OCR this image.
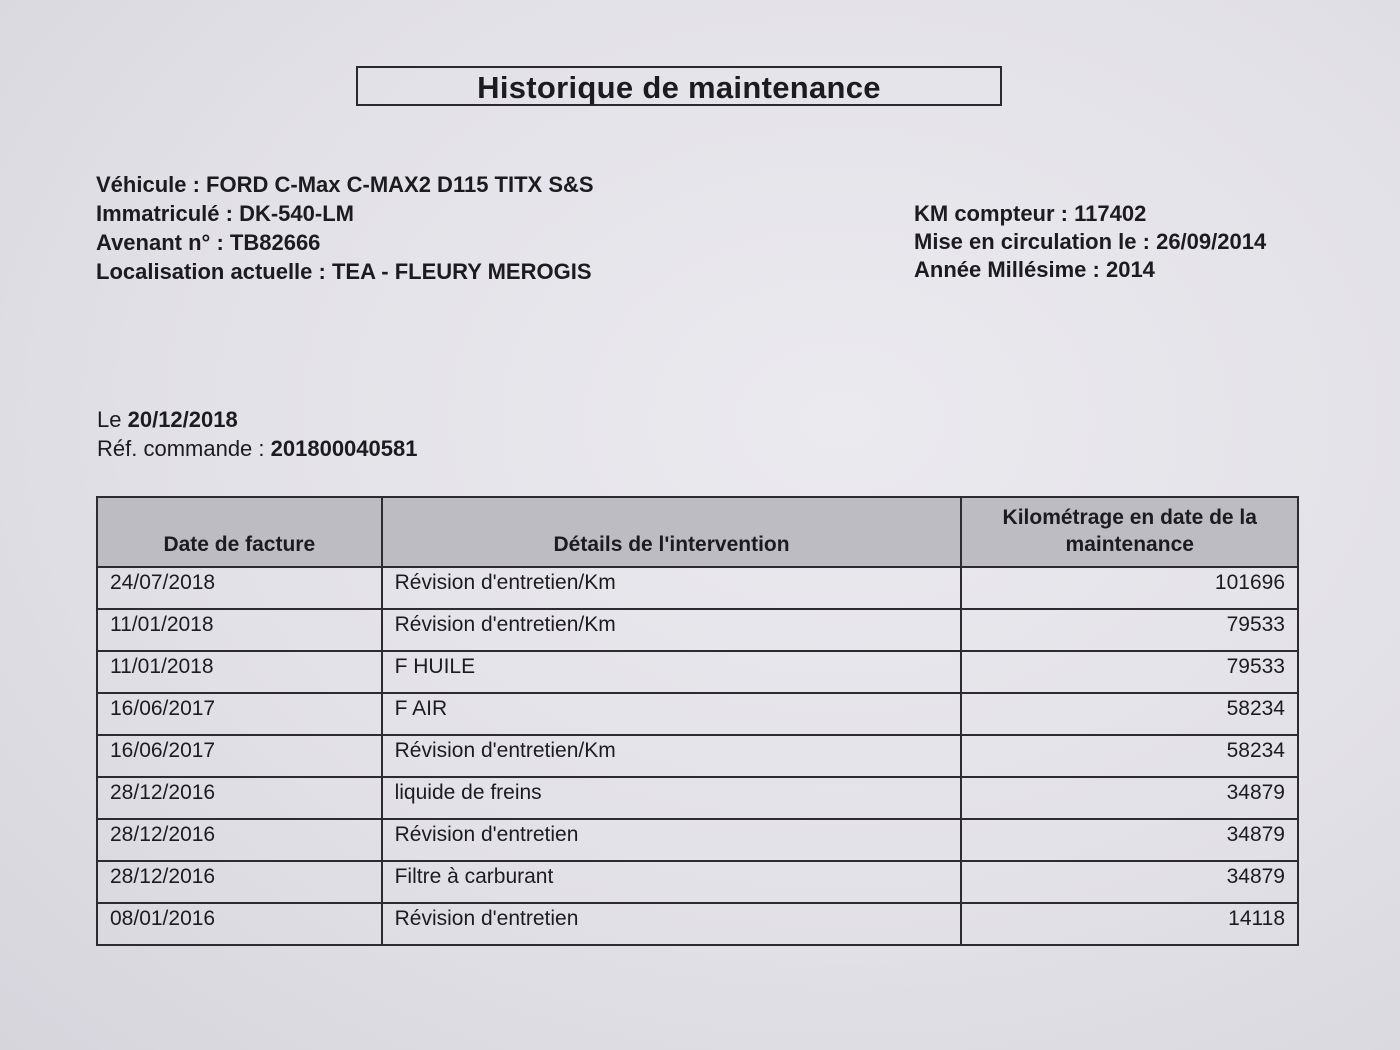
Historique de maintenance
Véhicule : FORD C-Max C-MAX2 D115 TITX S&S
Immatriculé : DK-540-LM
Avenant n° : TB82666
Localisation actuelle : TEA - FLEURY MEROGIS
KM compteur : 117402
Mise en circulation le : 26/09/2014
Année Millésime : 2014
Le 20/12/2018
Réf. commande : 201800040581
Date de facture	Détails de l'intervention	Kilométrage en date de la maintenance
24/07/2018	Révision d'entretien/Km	101696
11/01/2018	Révision d'entretien/Km	79533
11/01/2018	F HUILE	79533
16/06/2017	F AIR	58234
16/06/2017	Révision d'entretien/Km	58234
28/12/2016	liquide de freins	34879
28/12/2016	Révision d'entretien	34879
28/12/2016	Filtre à carburant	34879
08/01/2016	Révision d'entretien	14118
